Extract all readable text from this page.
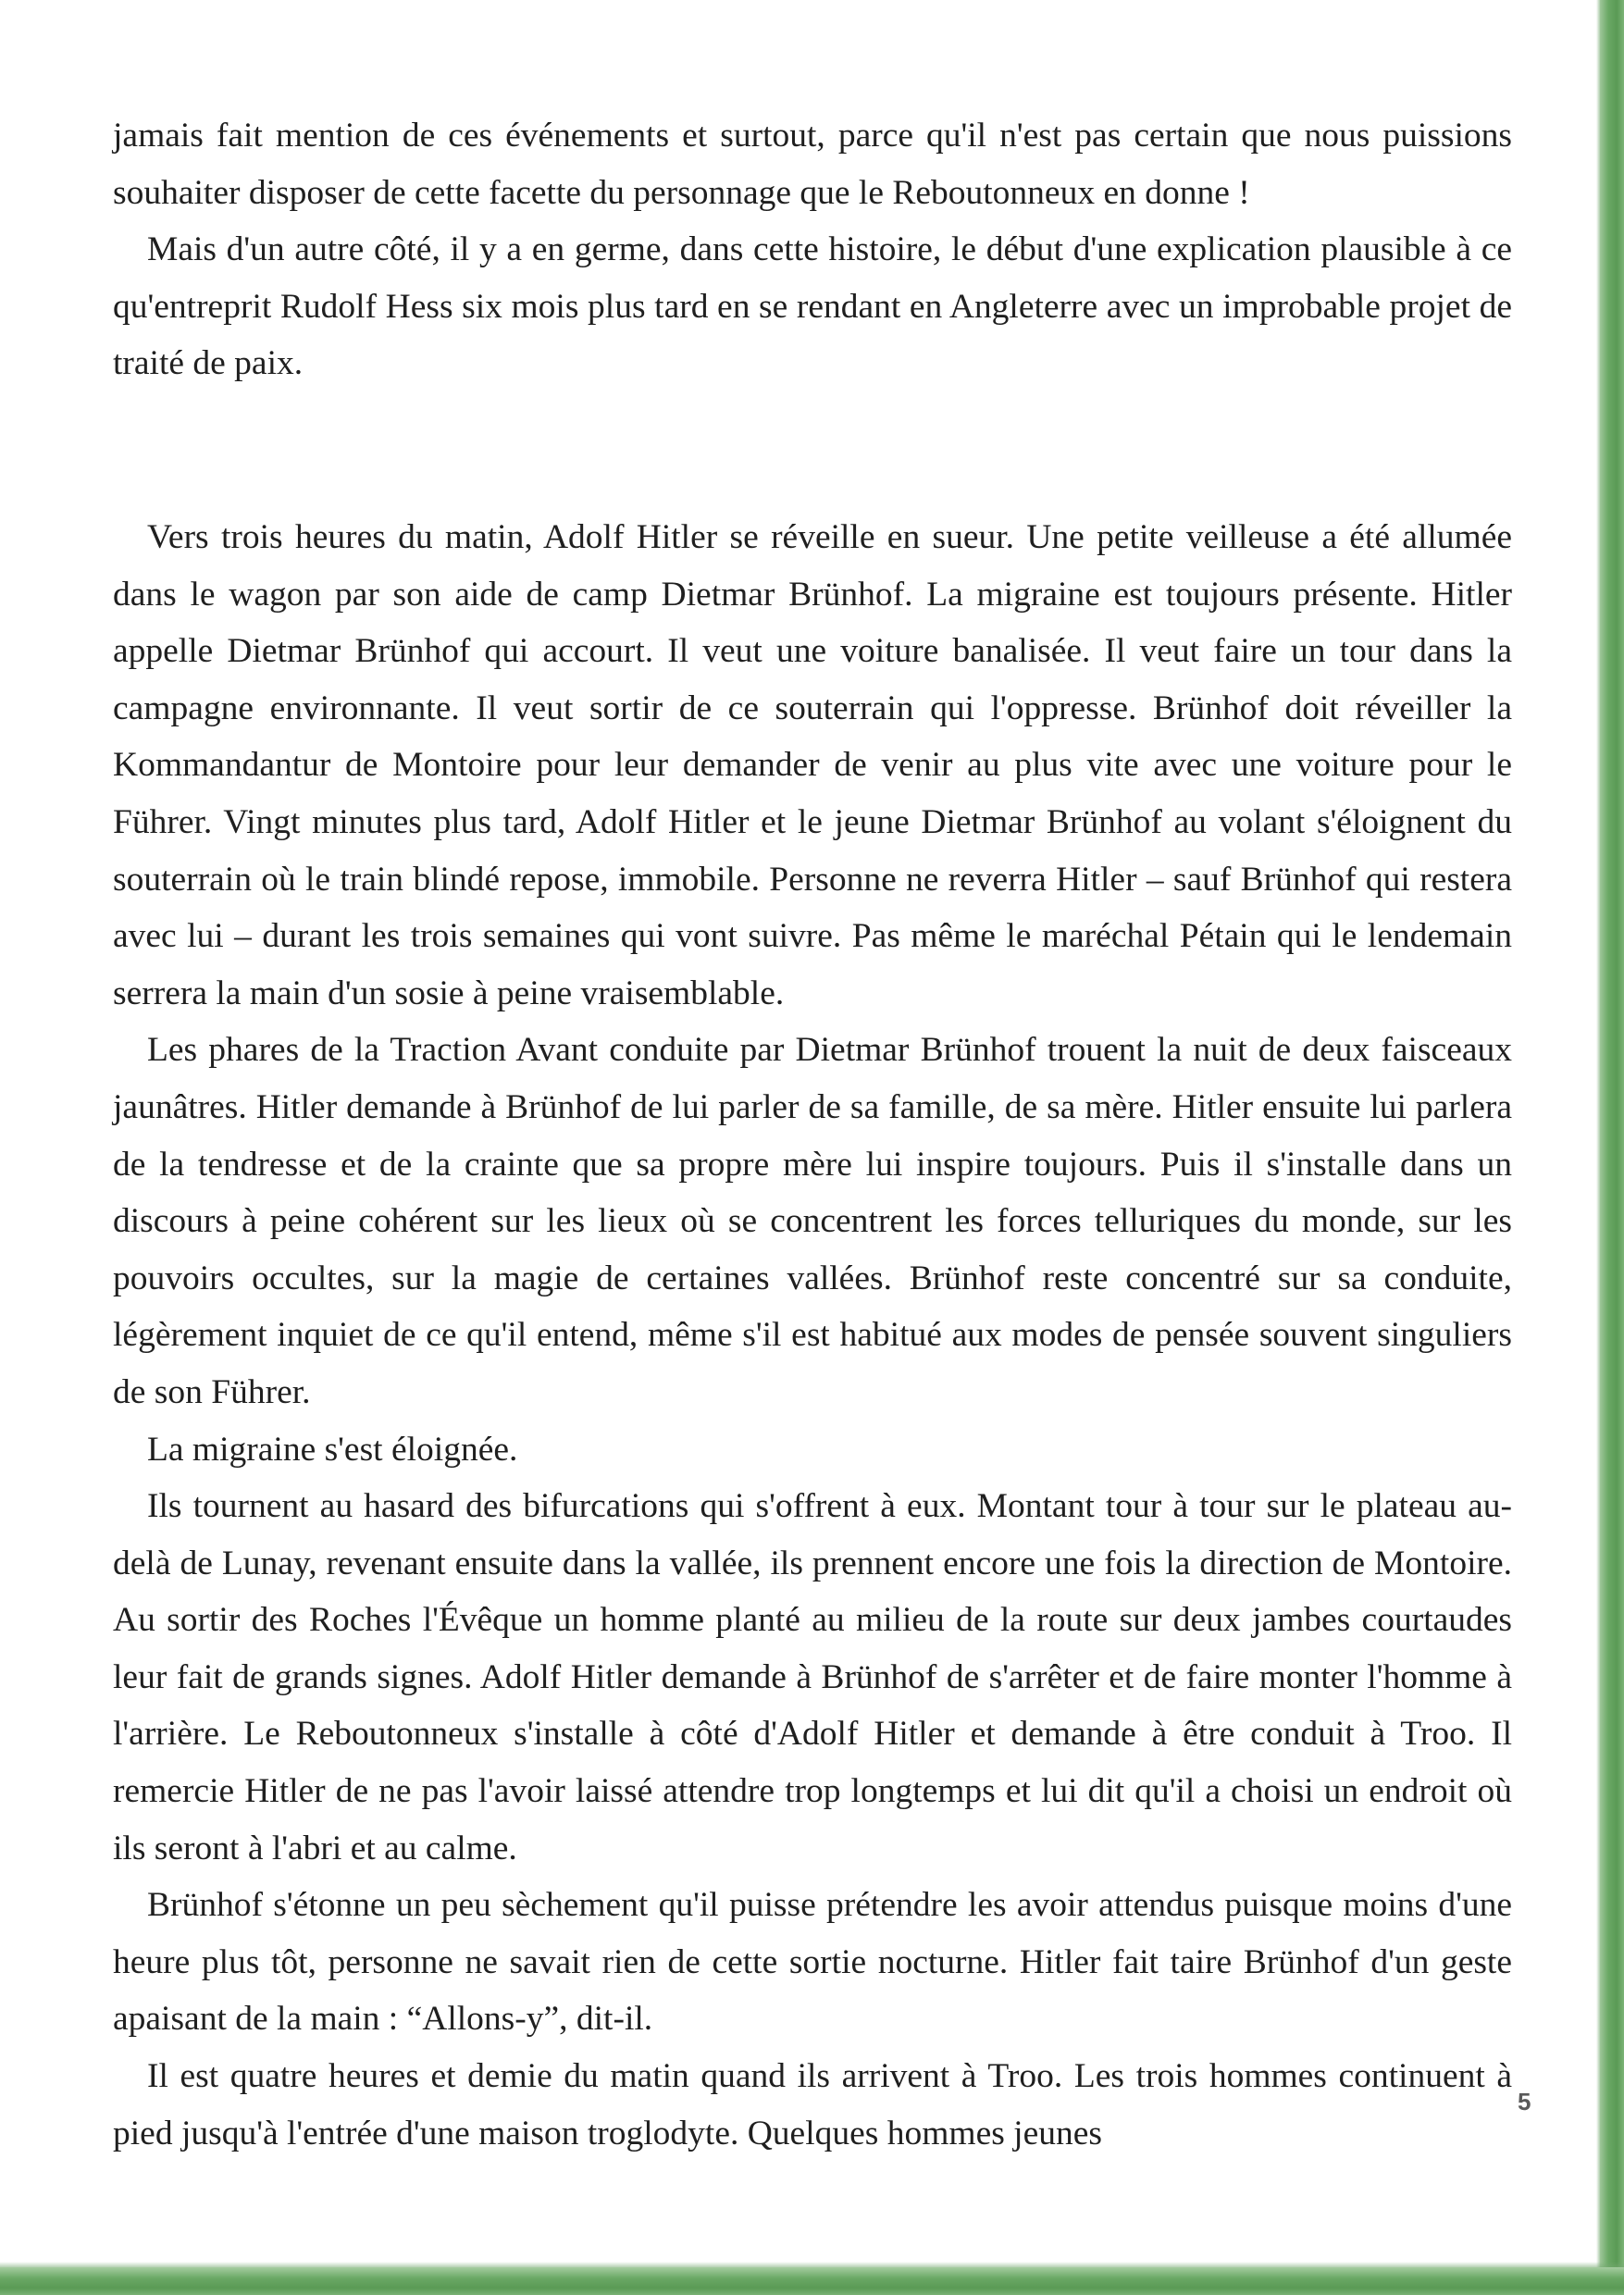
jamais fait mention de ces événements et surtout, parce qu'il n'est pas certain que nous puissions souhaiter disposer de cette facette du personnage que le Reboutonneux en donne !

Mais d'un autre côté, il y a en germe, dans cette histoire, le début d'une explication plausible à ce qu'entreprit Rudolf Hess six mois plus tard en se rendant en Angleterre avec un improbable projet de traité de paix.

Vers trois heures du matin, Adolf Hitler se réveille en sueur. Une petite veilleuse a été allumée dans le wagon par son aide de camp Dietmar Brünhof. La migraine est toujours présente. Hitler appelle Dietmar Brünhof qui accourt. Il veut une voiture banalisée. Il veut faire un tour dans la campagne environnante. Il veut sortir de ce souterrain qui l'oppresse. Brünhof doit réveiller la Kommandantur de Montoire pour leur demander de venir au plus vite avec une voiture pour le Führer. Vingt minutes plus tard, Adolf Hitler et le jeune Dietmar Brünhof au volant s'éloignent du souterrain où le train blindé repose, immobile. Personne ne reverra Hitler – sauf Brünhof qui restera avec lui – durant les trois semaines qui vont suivre. Pas même le maréchal Pétain qui le lendemain serrera la main d'un sosie à peine vraisemblable.

Les phares de la Traction Avant conduite par Dietmar Brünhof trouent la nuit de deux faisceaux jaunâtres. Hitler demande à Brünhof de lui parler de sa famille, de sa mère. Hitler ensuite lui parlera de la tendresse et de la crainte que sa propre mère lui inspire toujours. Puis il s'installe dans un discours à peine cohérent sur les lieux où se concentrent les forces telluriques du monde, sur les pouvoirs occultes, sur la magie de certaines vallées. Brünhof reste concentré sur sa conduite, légèrement inquiet de ce qu'il entend, même s'il est habitué aux modes de pensée souvent singuliers de son Führer.

La migraine s'est éloignée.

Ils tournent au hasard des bifurcations qui s'offrent à eux. Montant tour à tour sur le plateau au-delà de Lunay, revenant ensuite dans la vallée, ils prennent encore une fois la direction de Montoire. Au sortir des Roches l'Évêque un homme planté au milieu de la route sur deux jambes courtaudes leur fait de grands signes. Adolf Hitler demande à Brünhof de s'arrêter et de faire monter l'homme à l'arrière. Le Reboutonneux s'installe à côté d'Adolf Hitler et demande à être conduit à Troo. Il remercie Hitler de ne pas l'avoir laissé attendre trop longtemps et lui dit qu'il a choisi un endroit où ils seront à l'abri et au calme.

Brünhof s'étonne un peu sèchement qu'il puisse prétendre les avoir attendus puisque moins d'une heure plus tôt, personne ne savait rien de cette sortie nocturne. Hitler fait taire Brünhof d'un geste apaisant de la main : “Allons-y”, dit-il.

Il est quatre heures et demie du matin quand ils arrivent à Troo. Les trois hommes continuent à pied jusqu'à l'entrée d'une maison troglodyte. Quelques hommes jeunes

5
